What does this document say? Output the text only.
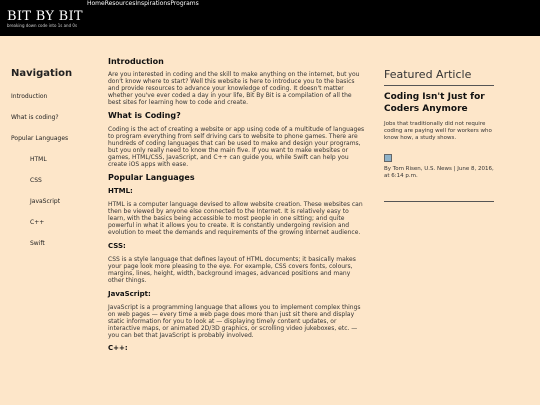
BIT BY BIT
breaking down code into 1s and 0s
Home Resources Inspirations Programs
Navigation
Introduction
What is coding?
Popular Languages
HTML
CSS
JavaScript
C++
Swift
Introduction

Are you interested in coding and the skill to make anything on the internet, but you don't know where to start? Well this website is here to introduce you to the basics and provide resources to advance your knowledge of coding. It doesn't matter whether you've ever coded a day in your life, Bit By Bit is a compilation of all the best sites for learning how to code and create.

What is Coding?

Coding is the act of creating a website or app using code of a multitude of languages to program everything from self driving cars to website to phone games. There are hundreds of coding languages that can be used to make and design your programs, but you only really need to know the main five. If you want to make websites or games, HTML/CSS, JavaScript, and C++ can guide you, while Swift can help you create iOS apps with ease.

Popular Languages
HTML:

HTML is a computer language devised to allow website creation. These websites can then be viewed by anyone else connected to the Internet. It is relatively easy to learn, with the basics being accessible to most people in one sitting; and quite powerful in what it allows you to create. It is constantly undergoing revision and evolution to meet the demands and requirements of the growing Internet audience.

CSS:

CSS is a style language that defines layout of HTML documents; it basically makes your page look more pleasing to the eye. For example, CSS covers fonts, colours, margins, lines, height, width, background images, advanced positions and many other things.

JavaScript:

JavaScript is a programming language that allows you to implement complex things on web pages — every time a web page does more than just sit there and display static information for you to look at — displaying timely content updates, or interactive maps, or animated 2D/3D graphics, or scrolling video jukeboxes, etc. — you can bet that JavaScript is probably involved.

C++:
Featured Article
Coding Isn't Just for Coders Anymore
Jobs that traditionally did not require coding are paying well for workers who know how, a study shows.
By Tom Risen, U.S. News | June 8, 2016, at 6:14 p.m.
